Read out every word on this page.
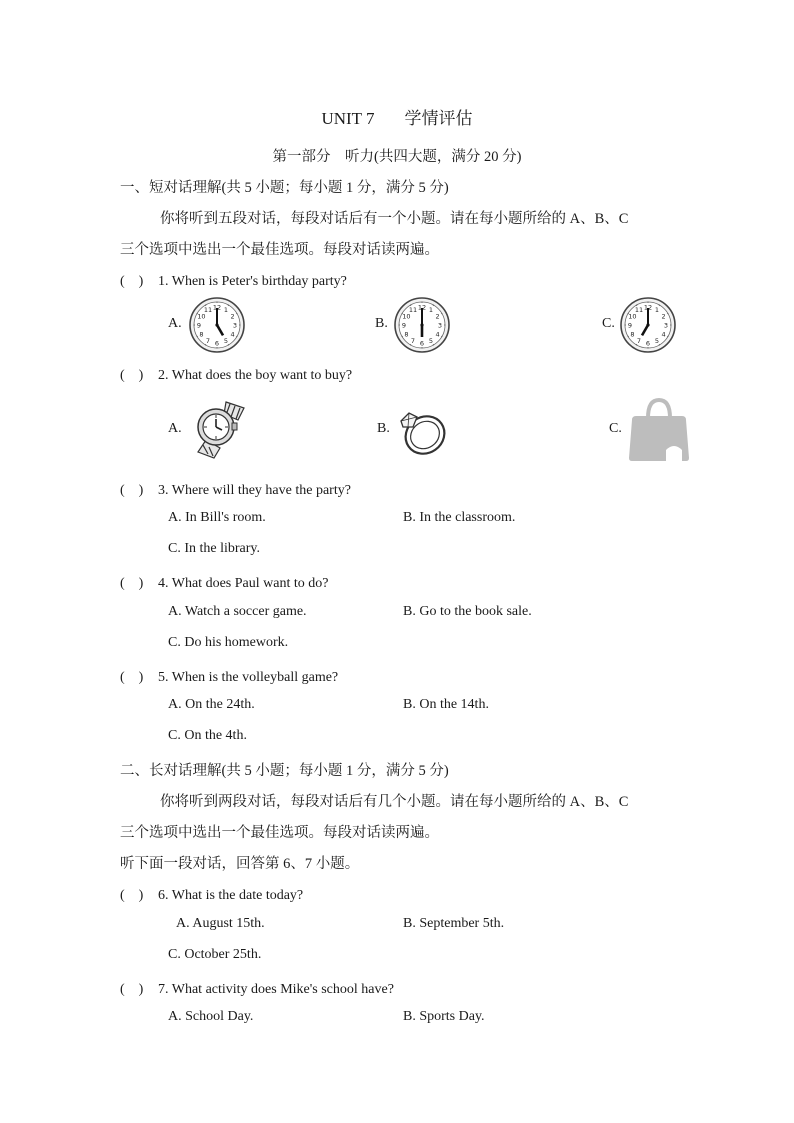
UNIT 7 学情评估
第一部分　听力(共四大题，满分 20 分)
一、短对话理解(共 5 小题；每小题 1 分，满分 5 分)
你将听到五段对话，每段对话后有一个小题。请在每小题所给的 A、B、C
三个选项中选出一个最佳选项。每段对话读两遍。
(　) 1. When is Peter's birthday party?
A.	B.	C.
1
2
3
4
5
6
7
8
9
10
11 12	1
2
3
4
5
6
7
8
9
10
11 12	1
2
3
4
5
6
7
8
9
10
11 12
(　) 2. What does the boy want to buy?
A.	B.	C.
(　) 3. Where will they have the party?
A. In Bill's room.	B. In the classroom.
C. In the library.
(　) 4. What does Paul want to do?
A. Watch a soccer game.	B. Go to the book sale.
C. Do his homework.
(　) 5. When is the volleyball game?
A. On the 24th.	B. On the 14th.
C. On the 4th.
二、长对话理解(共 5 小题；每小题 1 分，满分 5 分)
你将听到两段对话，每段对话后有几个小题。请在每小题所给的 A、B、C
三个选项中选出一个最佳选项。每段对话读两遍。
听下面一段对话，回答第 6、7 小题。
(　) 6. What is the date today?
A. August 15th.	B. September 5th.
C. October 25th.
(　) 7. What activity does Mike's school have?
A. School Day.	B. Sports Day.
